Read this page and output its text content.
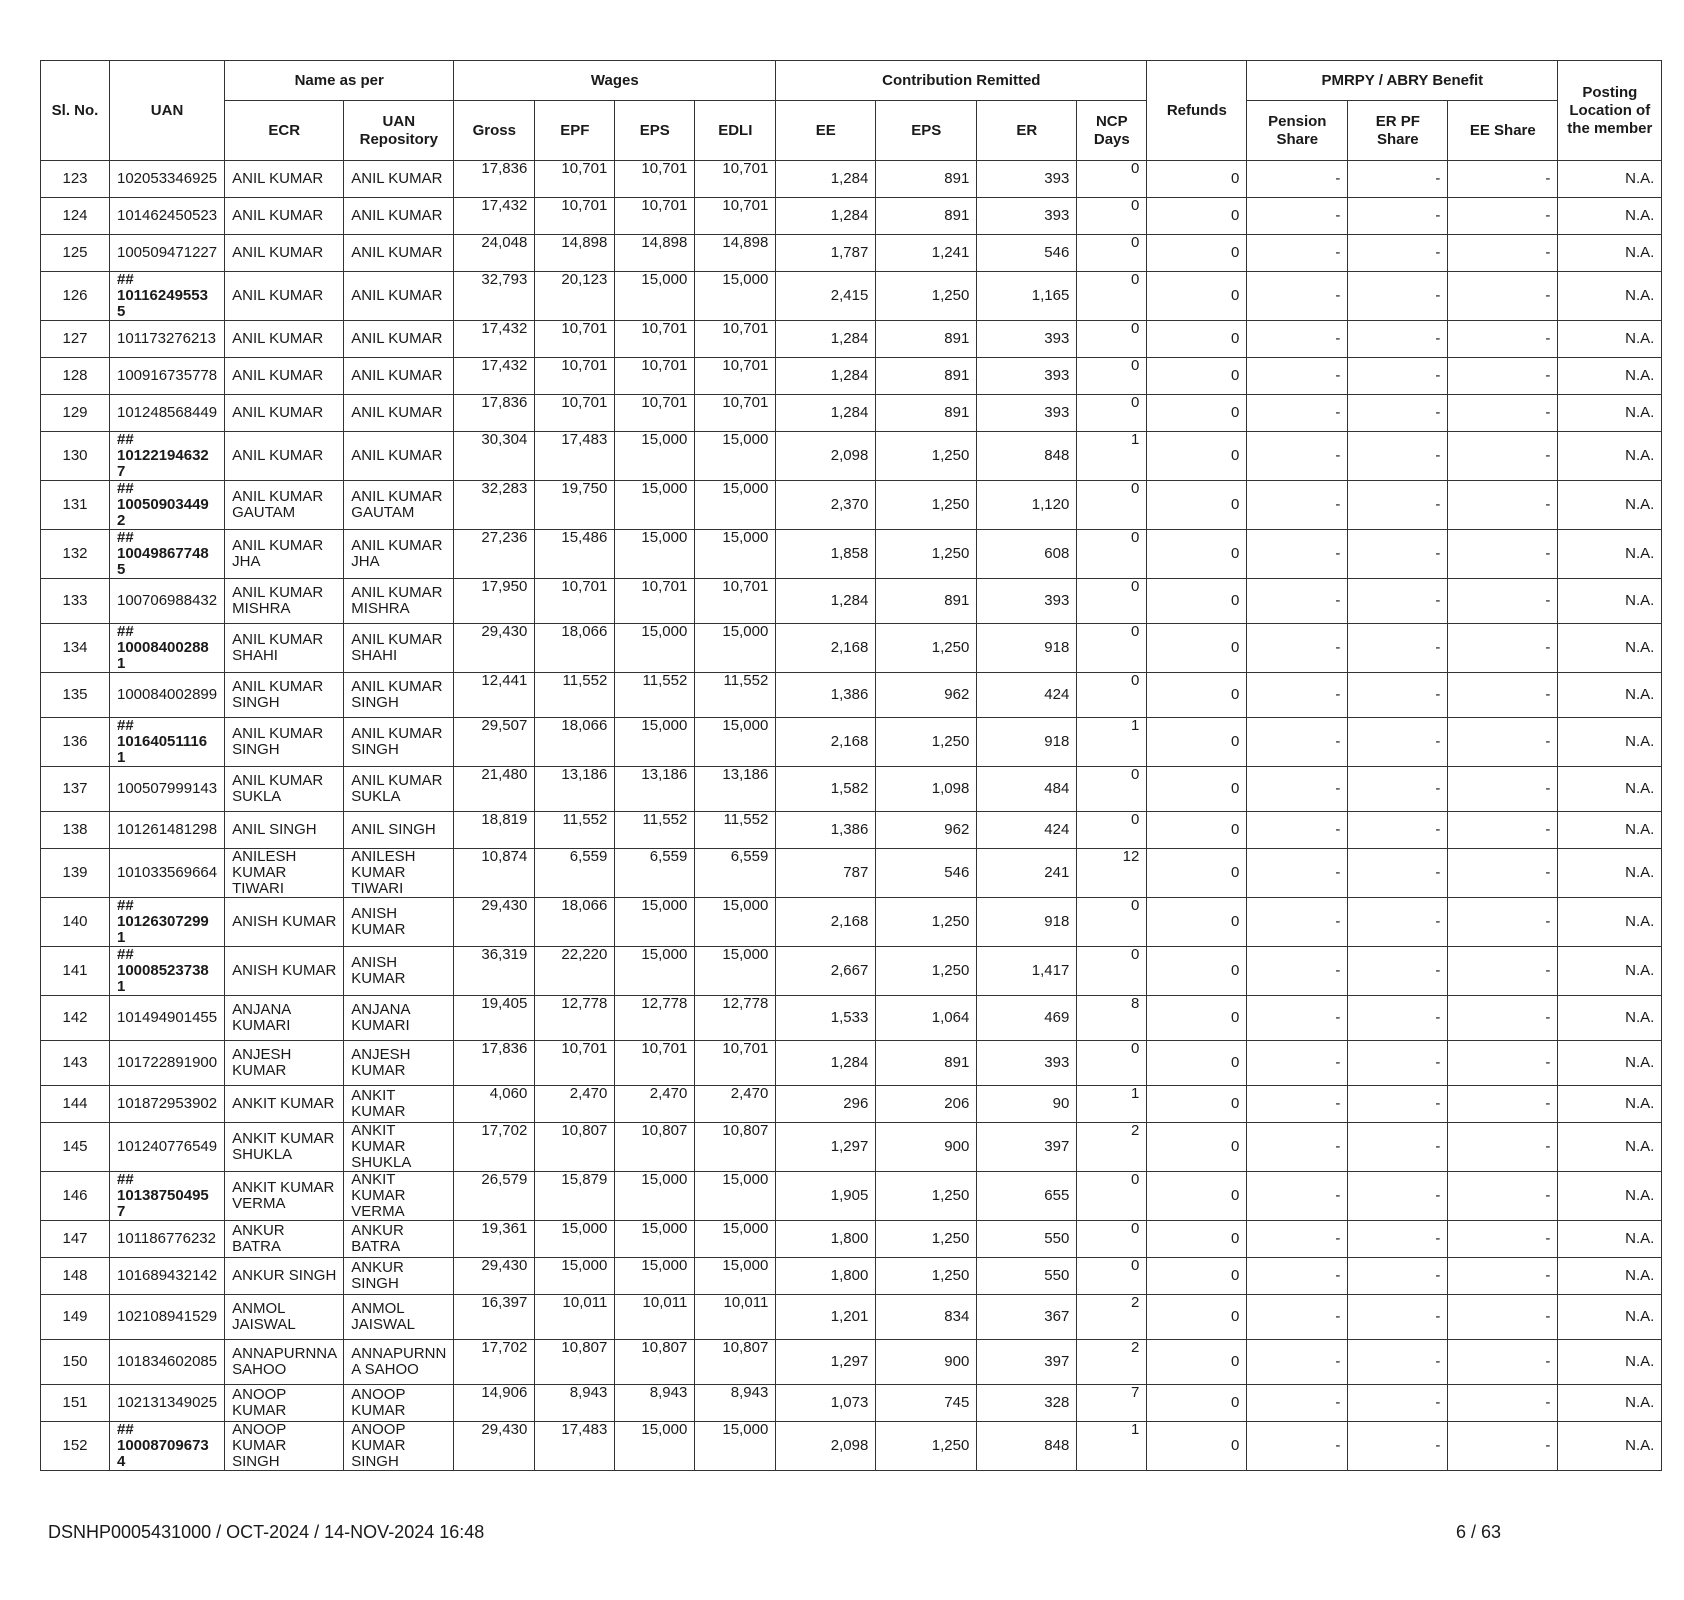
Sl. No.	UAN	Name as per		Wages				Contribution Remitted				Refunds	PMRPY / ABRY Benefit			Posting Location of the member
		ECR	UAN Repository	Gross	EPF	EPS	EDLI	EE	EPS	ER	NCP Days		Pension Share	ER PF Share	EE Share	
123	102053346925	ANIL KUMAR	ANIL KUMAR	17,836	10,701	10,701	10,701	1,284	891	393	0	0	-	-	-	N.A.
124	101462450523	ANIL KUMAR	ANIL KUMAR	17,432	10,701	10,701	10,701	1,284	891	393	0	0	-	-	-	N.A.
125	100509471227	ANIL KUMAR	ANIL KUMAR	24,048	14,898	14,898	14,898	1,787	1,241	546	0	0	-	-	-	N.A.
126	## 10116249553 5	ANIL KUMAR	ANIL KUMAR	32,793	20,123	15,000	15,000	2,415	1,250	1,165	0	0	-	-	-	N.A.
127	101173276213	ANIL KUMAR	ANIL KUMAR	17,432	10,701	10,701	10,701	1,284	891	393	0	0	-	-	-	N.A.
128	100916735778	ANIL KUMAR	ANIL KUMAR	17,432	10,701	10,701	10,701	1,284	891	393	0	0	-	-	-	N.A.
129	101248568449	ANIL KUMAR	ANIL KUMAR	17,836	10,701	10,701	10,701	1,284	891	393	0	0	-	-	-	N.A.
130	## 10122194632 7	ANIL KUMAR	ANIL KUMAR	30,304	17,483	15,000	15,000	2,098	1,250	848	1	0	-	-	-	N.A.
131	## 10050903449 2	ANIL KUMAR GAUTAM	ANIL KUMAR GAUTAM	32,283	19,750	15,000	15,000	2,370	1,250	1,120	0	0	-	-	-	N.A.
132	## 10049867748 5	ANIL KUMAR JHA	ANIL KUMAR JHA	27,236	15,486	15,000	15,000	1,858	1,250	608	0	0	-	-	-	N.A.
133	100706988432	ANIL KUMAR MISHRA	ANIL KUMAR MISHRA	17,950	10,701	10,701	10,701	1,284	891	393	0	0	-	-	-	N.A.
134	## 10008400288 1	ANIL KUMAR SHAHI	ANIL KUMAR SHAHI	29,430	18,066	15,000	15,000	2,168	1,250	918	0	0	-	-	-	N.A.
135	100084002899	ANIL KUMAR SINGH	ANIL KUMAR SINGH	12,441	11,552	11,552	11,552	1,386	962	424	0	0	-	-	-	N.A.
136	## 10164051116 1	ANIL KUMAR SINGH	ANIL KUMAR SINGH	29,507	18,066	15,000	15,000	2,168	1,250	918	1	0	-	-	-	N.A.
137	100507999143	ANIL KUMAR SUKLA	ANIL KUMAR SUKLA	21,480	13,186	13,186	13,186	1,582	1,098	484	0	0	-	-	-	N.A.
138	101261481298	ANIL SINGH	ANIL SINGH	18,819	11,552	11,552	11,552	1,386	962	424	0	0	-	-	-	N.A.
139	101033569664	ANILESH KUMAR TIWARI	ANILESH KUMAR TIWARI	10,874	6,559	6,559	6,559	787	546	241	12	0	-	-	-	N.A.
140	## 10126307299 1	ANISH KUMAR	ANISH KUMAR	29,430	18,066	15,000	15,000	2,168	1,250	918	0	0	-	-	-	N.A.
141	## 10008523738 1	ANISH KUMAR	ANISH KUMAR	36,319	22,220	15,000	15,000	2,667	1,250	1,417	0	0	-	-	-	N.A.
142	101494901455	ANJANA KUMARI	ANJANA KUMARI	19,405	12,778	12,778	12,778	1,533	1,064	469	8	0	-	-	-	N.A.
143	101722891900	ANJESH KUMAR	ANJESH KUMAR	17,836	10,701	10,701	10,701	1,284	891	393	0	0	-	-	-	N.A.
144	101872953902	ANKIT KUMAR	ANKIT KUMAR	4,060	2,470	2,470	2,470	296	206	90	1	0	-	-	-	N.A.
145	101240776549	ANKIT KUMAR SHUKLA	ANKIT KUMAR SHUKLA	17,702	10,807	10,807	10,807	1,297	900	397	2	0	-	-	-	N.A.
146	## 10138750495 7	ANKIT KUMAR VERMA	ANKIT KUMAR VERMA	26,579	15,879	15,000	15,000	1,905	1,250	655	0	0	-	-	-	N.A.
147	101186776232	ANKUR BATRA	ANKUR BATRA	19,361	15,000	15,000	15,000	1,800	1,250	550	0	0	-	-	-	N.A.
148	101689432142	ANKUR SINGH	ANKUR SINGH	29,430	15,000	15,000	15,000	1,800	1,250	550	0	0	-	-	-	N.A.
149	102108941529	ANMOL JAISWAL	ANMOL JAISWAL	16,397	10,011	10,011	10,011	1,201	834	367	2	0	-	-	-	N.A.
150	101834602085	ANNAPURNNA SAHOO	ANNAPURNN A SAHOO	17,702	10,807	10,807	10,807	1,297	900	397	2	0	-	-	-	N.A.
151	102131349025	ANOOP KUMAR	ANOOP KUMAR	14,906	8,943	8,943	8,943	1,073	745	328	7	0	-	-	-	N.A.
152	## 10008709673 4	ANOOP KUMAR SINGH	ANOOP KUMAR SINGH	29,430	17,483	15,000	15,000	2,098	1,250	848	1	0	-	-	-	N.A.
DSNHP0005431000 / OCT-2024 / 14-NOV-2024 16:48	6 / 63
